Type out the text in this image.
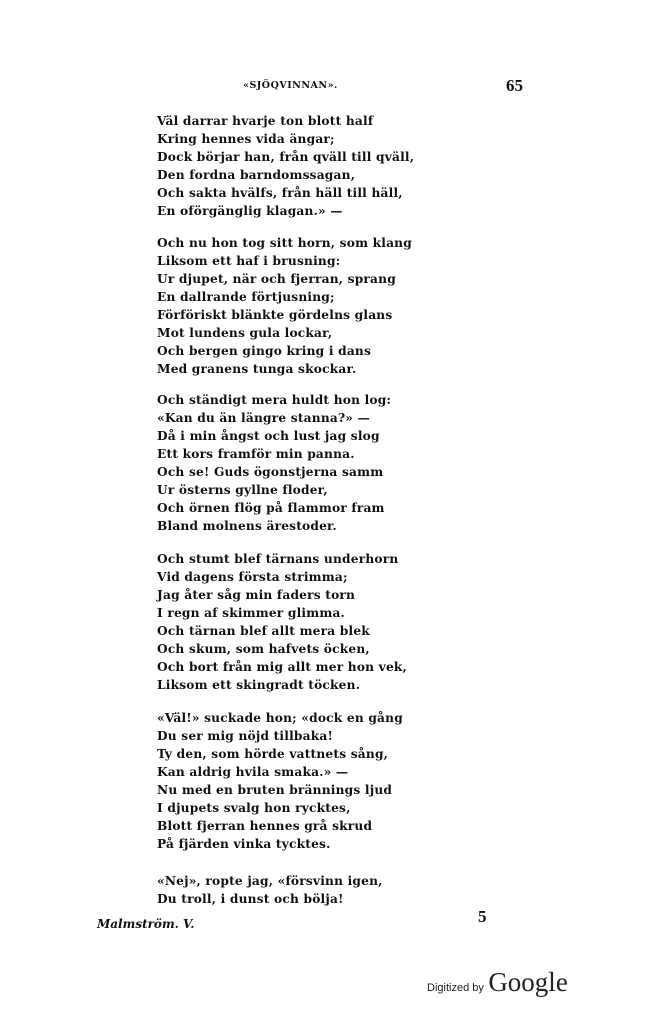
«SJÖQVINNAN».	65
Väl darrar hvarje ton blott half
Kring hennes vida ängar;
Dock börjar han, från qväll till qväll,
Den fordna barndomssagan,
Och sakta hvälfs, från häll till häll,
En oförgänglig klagan.» —
Och nu hon tog sitt horn, som klang
Liksom ett haf i brusning:
Ur djupet, när och fjerran, sprang
En dallrande förtjusning;
Förföriskt blänkte gördelns glans
Mot lundens gula lockar,
Och bergen gingo kring i dans
Med granens tunga skockar.
Och ständigt mera huldt hon log:
«Kan du än längre stanna?» —
Då i min ångst och lust jag slog
Ett kors framför min panna.
Och se! Guds ögonstjerna samm
Ur österns gyllne floder,
Och örnen flög på flammor fram
Bland molnens ärestoder.
Och stumt blef tärnans underhorn
Vid dagens första strimma;
Jag åter såg min faders torn
I regn af skimmer glimma.
Och tärnan blef allt mera blek
Och skum, som hafvets öcken,
Och bort från mig allt mer hon vek,
Liksom ett skingradt töcken.
«Väl!» suckade hon; «dock en gång
Du ser mig nöjd tillbaka!
Ty den, som hörde vattnets sång,
Kan aldrig hvila smaka.» —
Nu med en bruten brännings ljud
I djupets svalg hon rycktes,
Blott fjerran hennes grå skrud
På fjärden vinka tycktes.
«Nej», ropte jag, «försvinn igen,
Du troll, i dunst och bölja!
Malmström. V.	5
Digitized by Google
